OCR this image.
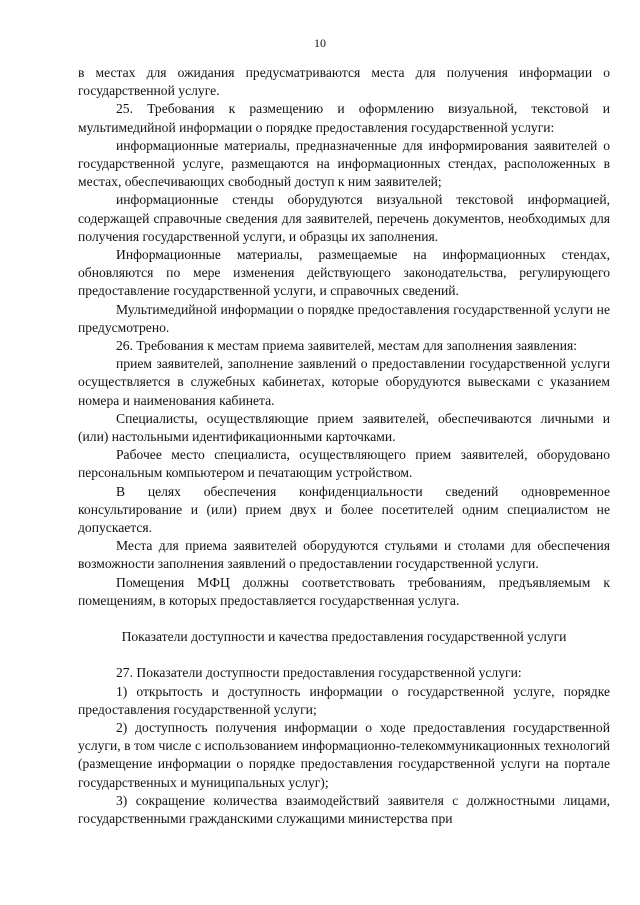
10

в местах для ожидания предусматриваются места для получения информации о государственной услуге.

25. Требования к размещению и оформлению визуальной, текстовой и мультимедийной информации о порядке предоставления государственной услуги:

информационные материалы, предназначенные для информирования заявителей о государственной услуге, размещаются на информационных стендах, расположенных в местах, обеспечивающих свободный доступ к ним заявителей;

информационные стенды оборудуются визуальной текстовой информацией, содержащей справочные сведения для заявителей, перечень документов, необходимых для получения государственной услуги, и образцы их заполнения.

Информационные материалы, размещаемые на информационных стендах, обновляются по мере изменения действующего законодательства, регулирующего предоставление государственной услуги, и справочных сведений.

Мультимедийной информации о порядке предоставления государственной услуги не предусмотрено.

26. Требования к местам приема заявителей, местам для заполнения заявления:

прием заявителей, заполнение заявлений о предоставлении государственной услуги осуществляется в служебных кабинетах, которые оборудуются вывесками с указанием номера и наименования кабинета.

Специалисты, осуществляющие прием заявителей, обеспечиваются личными и (или) настольными идентификационными карточками.

Рабочее место специалиста, осуществляющего прием заявителей, оборудовано персональным компьютером и печатающим устройством.

В целях обеспечения конфиденциальности сведений одновременное консультирование и (или) прием двух и более посетителей одним специалистом не допускается.

Места для приема заявителей оборудуются стульями и столами для обеспечения возможности заполнения заявлений о предоставлении государственной услуги.

Помещения МФЦ должны соответствовать требованиям, предъявляемым к помещениям, в которых предоставляется государственная услуга.

Показатели доступности и качества предоставления государственной услуги

27. Показатели доступности предоставления государственной услуги:

1) открытость и доступность информации о государственной услуге, порядке предоставления государственной услуги;

2) доступность получения информации о ходе предоставления государственной услуги, в том числе с использованием информационно-телекоммуникационных технологий (размещение информации о порядке предоставления государственной услуги на портале государственных и муниципальных услуг);

3) сокращение количества взаимодействий заявителя с должностными лицами, государственными гражданскими служащими министерства при
